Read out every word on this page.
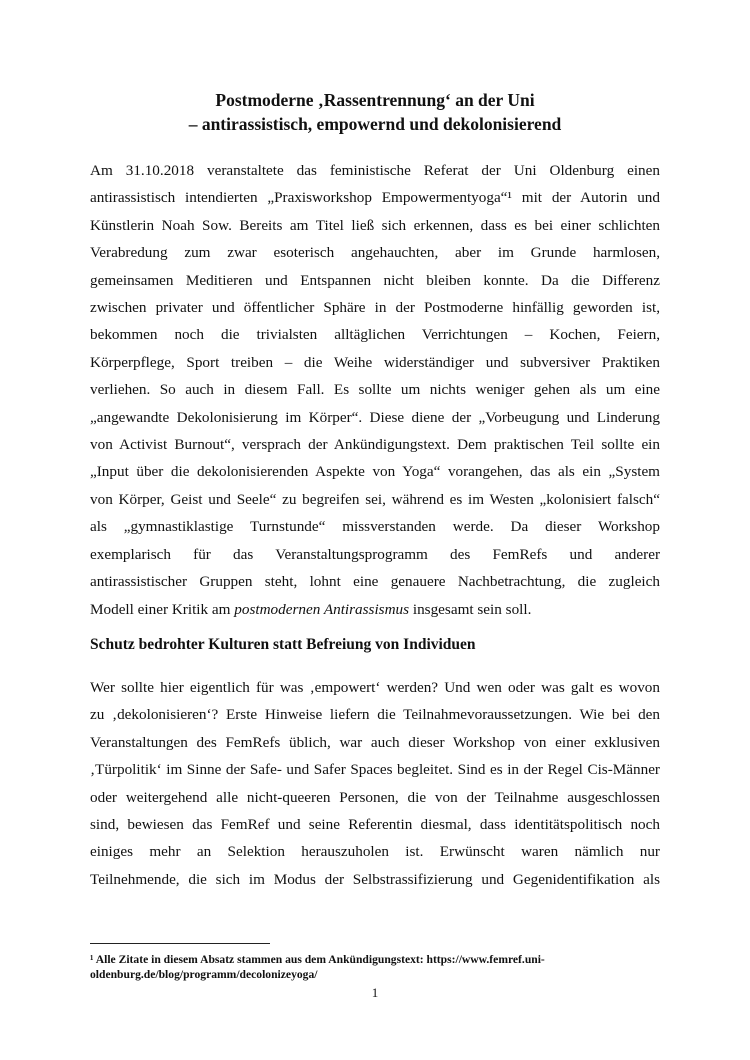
Postmoderne ‚Rassentrennung‘ an der Uni
– antirassistisch, empowernd und dekolonisierend
Am 31.10.2018 veranstaltete das feministische Referat der Uni Oldenburg einen
antirassistisch intendierten „Praxisworkshop Empowermentyoga“¹ mit der Autorin und
Künstlerin Noah Sow. Bereits am Titel ließ sich erkennen, dass es bei einer schlichten
Verabredung zum zwar esoterisch angehauchten, aber im Grunde harmlosen,
gemeinsamen Meditieren und Entspannen nicht bleiben konnte. Da die Differenz
zwischen privater und öffentlicher Sphäre in der Postmoderne hinfällig geworden ist,
bekommen noch die trivialsten alltäglichen Verrichtungen – Kochen, Feiern,
Körperpflege, Sport treiben – die Weihe widerständiger und subversiver Praktiken
verliehen. So auch in diesem Fall. Es sollte um nichts weniger gehen als um eine
„angewandte Dekolonisierung im Körper“. Diese diene der „Vorbeugung und Linderung
von Activist Burnout“, versprach der Ankündigungstext. Dem praktischen Teil sollte ein
„Input über die dekolonisierenden Aspekte von Yoga“ vorangehen, das als ein „System
von Körper, Geist und Seele“ zu begreifen sei, während es im Westen „kolonisiert falsch“
als „gymnastiklastige Turnstunde“ missverstanden werde. Da dieser Workshop
exemplarisch für das Veranstaltungsprogramm des FemRefs und anderer
antirassistischer Gruppen steht, lohnt eine genauere Nachbetrachtung, die zugleich
Modell einer Kritik am postmodernen Antirassismus insgesamt sein soll.
Schutz bedrohter Kulturen statt Befreiung von Individuen
Wer sollte hier eigentlich für was ‚empowert‘ werden? Und wen oder was galt es wovon
zu ‚dekolonisieren‘? Erste Hinweise liefern die Teilnahmevoraussetzungen. Wie bei den
Veranstaltungen des FemRefs üblich, war auch dieser Workshop von einer exklusiven
‚Türpolitik‘ im Sinne der Safe- und Safer Spaces begleitet. Sind es in der Regel Cis-Männer
oder weitergehend alle nicht-queeren Personen, die von der Teilnahme ausgeschlossen
sind, bewiesen das FemRef und seine Referentin diesmal, dass identitätspolitisch noch
einiges mehr an Selektion herauszuholen ist. Erwünscht waren nämlich nur
Teilnehmende, die sich im Modus der Selbstrassifizierung und Gegenidentifikation als
¹ Alle Zitate in diesem Absatz stammen aus dem Ankündigungstext: https://www.femref.uni-
oldenburg.de/blog/programm/decolonizeyoga/
1
